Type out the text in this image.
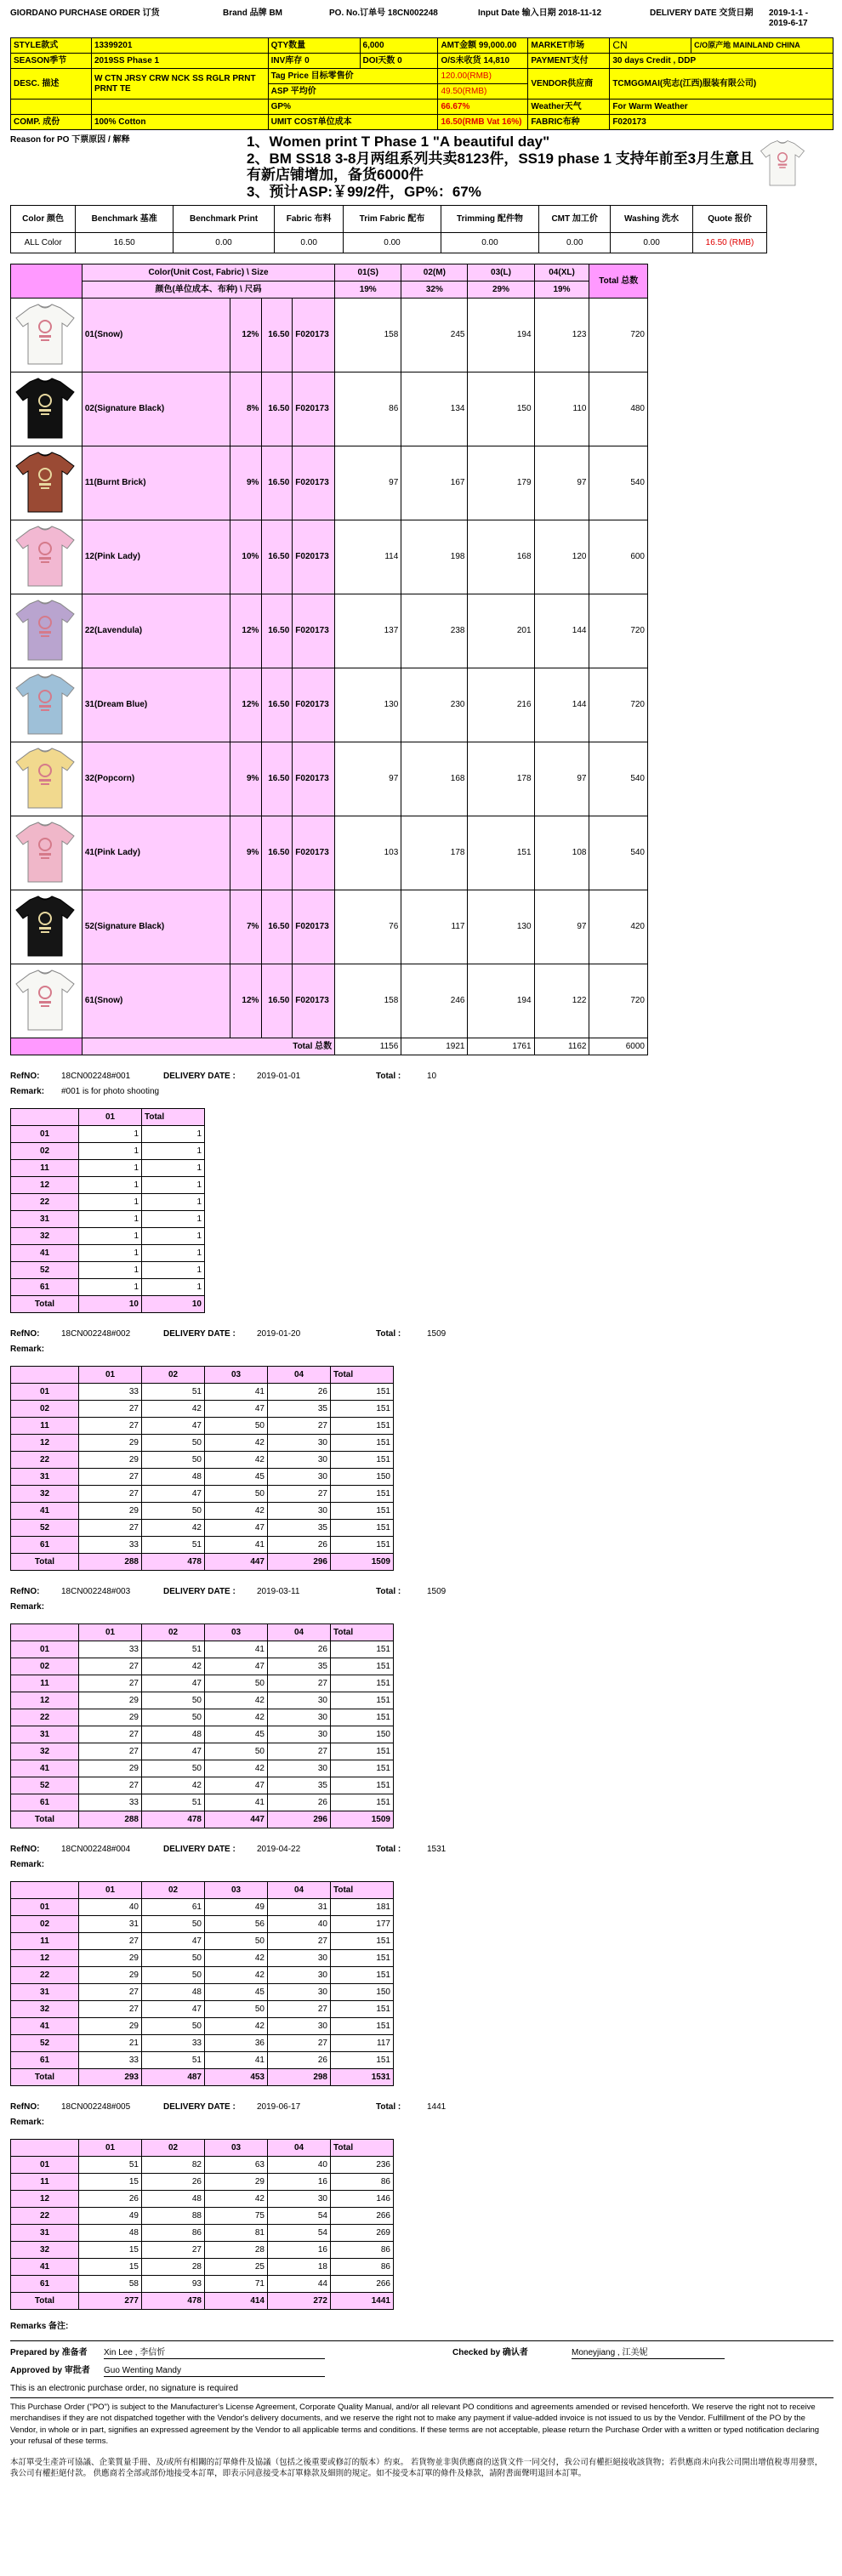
GIORDANO PURCHASE ORDER 订货	Brand 品牌 BM	PO. No.订单号 18CN002248	Input Date 输入日期 2018-11-12	DELIVERY DATE 交货日期	2019-1-1 - 2019-6-17
STYLE款式	13399201	QTY数量	6,000	AMT金额 99,000.00	MARKET市场	CN	C/O原产地 MAINLAND CHINA
SEASON季节	2019SS Phase 1	INV库存 0	DOI天数 0	O/S未收货 14,810	PAYMENT支付	30 days Credit , DDP	
DESC. 描述	W CTN JRSY CRW NCK SS RGLR PRNT PRNT TE	Tag Price 目标零售价		120.00(RMB)	VENDOR供应商	TCMGGMAI(宪志(江西)服装有限公司)	
		ASP 平均价		49.50(RMB)			
		GP%		66.67%	Weather天气	For Warm Weather	
COMP. 成份	100% Cotton	UMIT COST单位成本		16.50(RMB Vat 16%)	FABRIC布种	F020173	
Reason for PO 下票原因 / 解释	1、Women print T Phase 1 "A beautiful day"
2、BM SS18 3-8月两组系列共卖8123件，SS19 phase 1 支持年前至3月生意且有新店铺增加，备货6000件
3、预计ASP:￥99/2件，GP%：67%
Color 颜色	Benchmark 基准	Benchmark Print	Fabric 布料	Trim Fabric 配布	Trimming 配件物	CMT 加工价	Washing 洗水	Quote 报价
ALL Color	16.50	0.00	0.00	0.00	0.00	0.00	0.00	16.50 (RMB)
	Color(Unit Cost, Fabric) \ Size				01(S)	02(M)	03(L)	04(XL)	Total 总数
	颜色(单位成本、布种) \ 尺码				19%	32%	29%	19%	
	01(Snow)	12%	16.50	F020173	158	245	194	123	720
	02(Signature Black)	8%	16.50	F020173	86	134	150	110	480
	11(Burnt Brick)	9%	16.50	F020173	97	167	179	97	540
	12(Pink Lady)	10%	16.50	F020173	114	198	168	120	600
	22(Lavendula)	12%	16.50	F020173	137	238	201	144	720
	31(Dream Blue)	12%	16.50	F020173	130	230	216	144	720
	32(Popcorn)	9%	16.50	F020173	97	168	178	97	540
	41(Pink Lady)	9%	16.50	F020173	103	178	151	108	540
	52(Signature Black)	7%	16.50	F020173	76	117	130	97	420
	61(Snow)	12%	16.50	F020173	158	246	194	122	720
	Total 总数				1156	1921	1761	1162	6000
RefNO:	18CN002248#001	DELIVERY DATE :	2019-01-01	Total :	10
Remark:	#001 is for photo shooting
	01	Total
01	1	1
02	1	1
11	1	1
12	1	1
22	1	1
31	1	1
32	1	1
41	1	1
52	1	1
61	1	1
Total	10	10
RefNO:	18CN002248#002	DELIVERY DATE :	2019-01-20	Total :	1509
Remark:
	01	02	03	04	Total
01	33	51	41	26	151
02	27	42	47	35	151
11	27	47	50	27	151
12	29	50	42	30	151
22	29	50	42	30	151
31	27	48	45	30	150
32	27	47	50	27	151
41	29	50	42	30	151
52	27	42	47	35	151
61	33	51	41	26	151
Total	288	478	447	296	1509
RefNO:	18CN002248#003	DELIVERY DATE :	2019-03-11	Total :	1509
Remark:
	01	02	03	04	Total
01	33	51	41	26	151
02	27	42	47	35	151
11	27	47	50	27	151
12	29	50	42	30	151
22	29	50	42	30	151
31	27	48	45	30	150
32	27	47	50	27	151
41	29	50	42	30	151
52	27	42	47	35	151
61	33	51	41	26	151
Total	288	478	447	296	1509
RefNO:	18CN002248#004	DELIVERY DATE :	2019-04-22	Total :	1531
Remark:
	01	02	03	04	Total
01	40	61	49	31	181
02	31	50	56	40	177
11	27	47	50	27	151
12	29	50	42	30	151
22	29	50	42	30	151
31	27	48	45	30	150
32	27	47	50	27	151
41	29	50	42	30	151
52	21	33	36	27	117
61	33	51	41	26	151
Total	293	487	453	298	1531
RefNO:	18CN002248#005	DELIVERY DATE :	2019-06-17	Total :	1441
Remark:
	01	02	03	04	Total
01	51	82	63	40	236
11	15	26	29	16	86
12	26	48	42	30	146
22	49	88	75	54	266
31	48	86	81	54	269
32	15	27	28	16	86
41	15	28	25	18	86
61	58	93	71	44	266
Total	277	478	414	272	1441
Remarks 备注:
Prepared by 准备者	Xin Lee , 李信忻	Checked by 确认者	Moneyjiang , 江美妮
Approved by 审批者	Guo Wenting Mandy
This is an electronic purchase order, no signature is required
This Purchase Order ("PO") is subject to the Manufacturer's License Agreement, Corporate Quality Manual, and/or all relevant PO conditions and agreements amended or revised henceforth. We reserve the right not to receive merchandises if they are not dispatched together with the Vendor's delivery documents, and we reserve the right not to make any payment if value-added invoice is not issued to us by the Vendor. Fulfillment of the PO by the Vendor, in whole or in part, signifies an expressed agreement by the Vendor to all applicable terms and conditions. If these terms are not acceptable, please return the Purchase Order with a written or typed notification declaring your refusal of these terms.
本訂單受生產許可協議、企業質量手冊、及/或所有相關的訂單條件及協議（包括之後重要或修訂的版本）約束。 若貨物並非與供應商的送貨文件一同交付，我公司有權拒絕接收該貨物；若供應商未向我公司開出增值稅專用發票，我公司有權拒絕付款。 供應商若全部或部份地接受本訂單，即表示同意接受本訂單條款及細則的規定。如不接受本訂單的條件及條款，請附書面聲明退回本訂單。
